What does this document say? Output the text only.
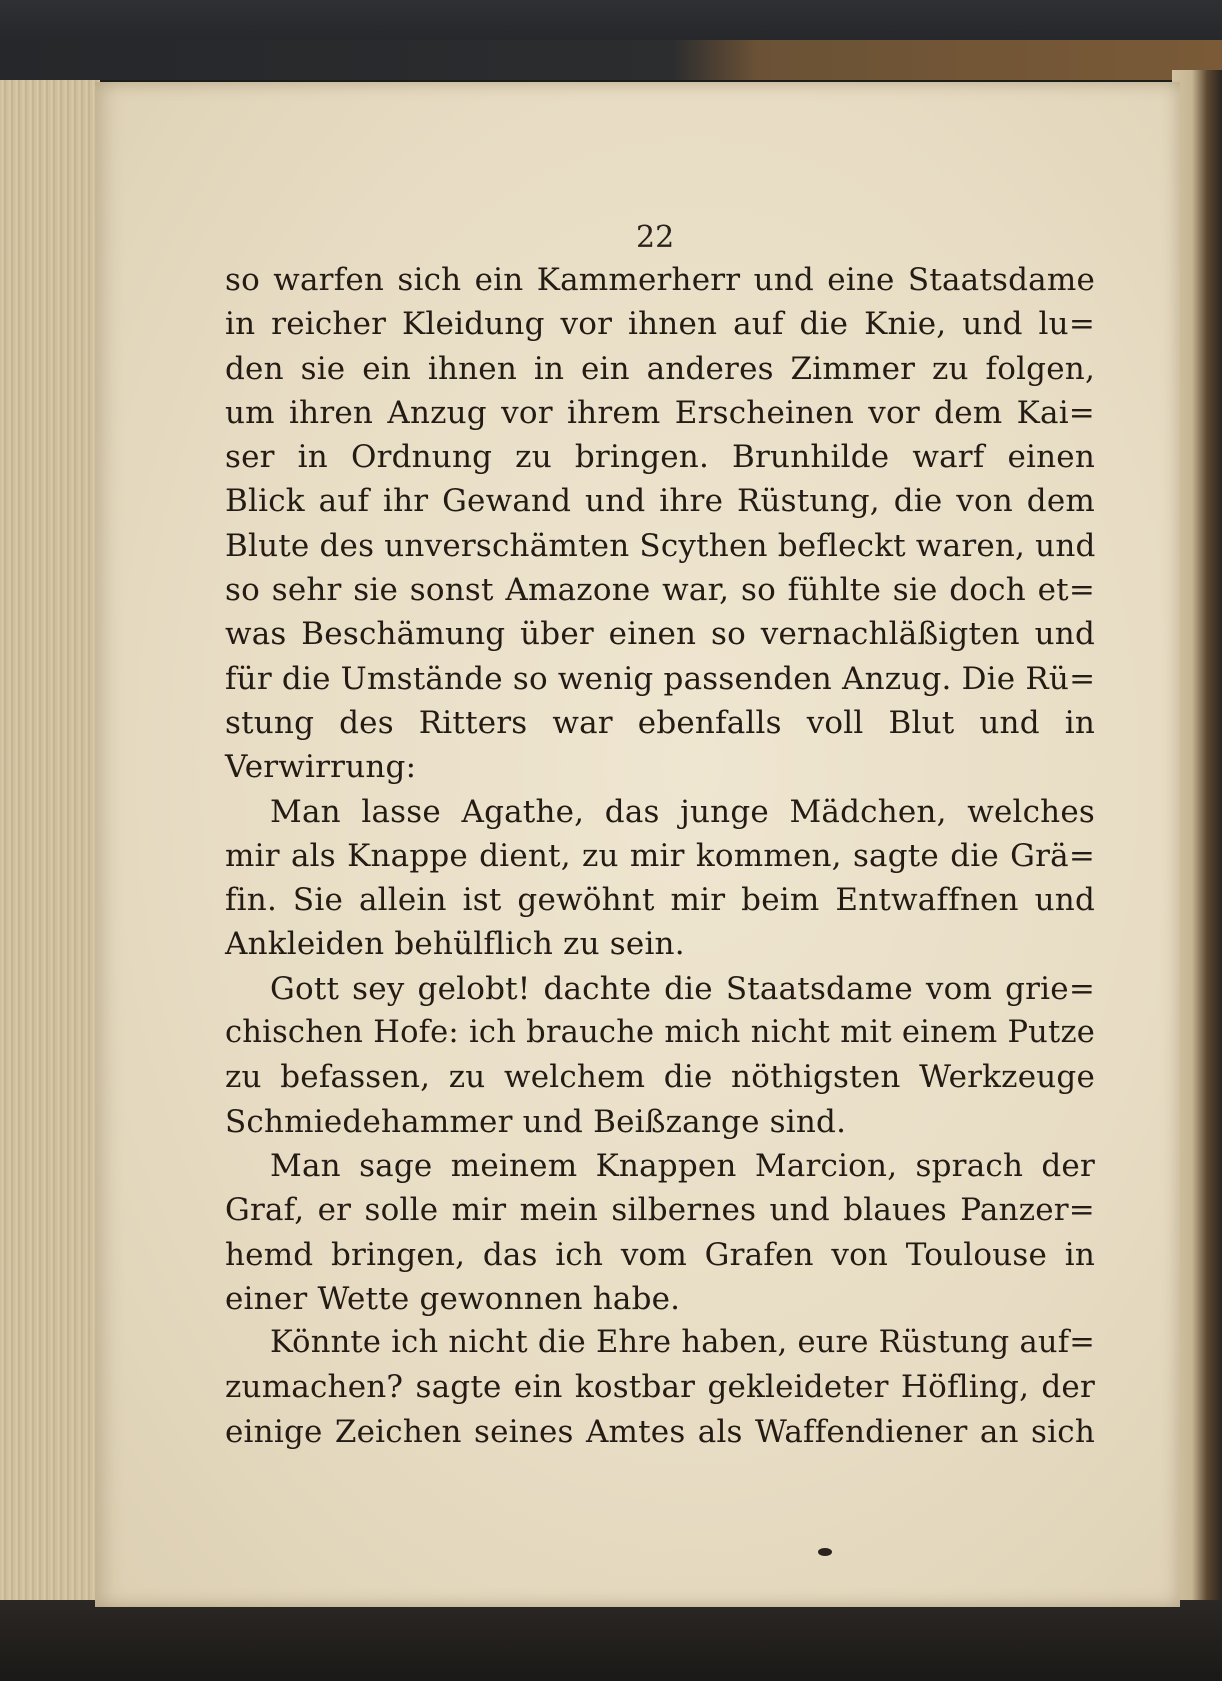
22
so warfen sich ein Kammerherr und eine Staatsdame
in reicher Kleidung vor ihnen auf die Knie, und lu=
den sie ein ihnen in ein anderes Zimmer zu folgen,
um ihren Anzug vor ihrem Erscheinen vor dem Kai=
ser in Ordnung zu bringen. Brunhilde warf einen
Blick auf ihr Gewand und ihre Rüstung, die von dem
Blute des unverschämten Scythen befleckt waren, und
so sehr sie sonst Amazone war, so fühlte sie doch et=
was Beschämung über einen so vernachläßigten und
für die Umstände so wenig passenden Anzug. Die Rü=
stung des Ritters war ebenfalls voll Blut und in
Verwirrung:
Man lasse Agathe, das junge Mädchen, welches
mir als Knappe dient, zu mir kommen, sagte die Grä=
fin. Sie allein ist gewöhnt mir beim Entwaffnen und
Ankleiden behülflich zu sein.
Gott sey gelobt! dachte die Staatsdame vom grie=
chischen Hofe: ich brauche mich nicht mit einem Putze
zu befassen, zu welchem die nöthigsten Werkzeuge
Schmiedehammer und Beißzange sind.
Man sage meinem Knappen Marcion, sprach der
Graf, er solle mir mein silbernes und blaues Panzer=
hemd bringen, das ich vom Grafen von Toulouse in
einer Wette gewonnen habe.
Könnte ich nicht die Ehre haben, eure Rüstung auf=
zumachen? sagte ein kostbar gekleideter Höfling, der
einige Zeichen seines Amtes als Waffendiener an sich
